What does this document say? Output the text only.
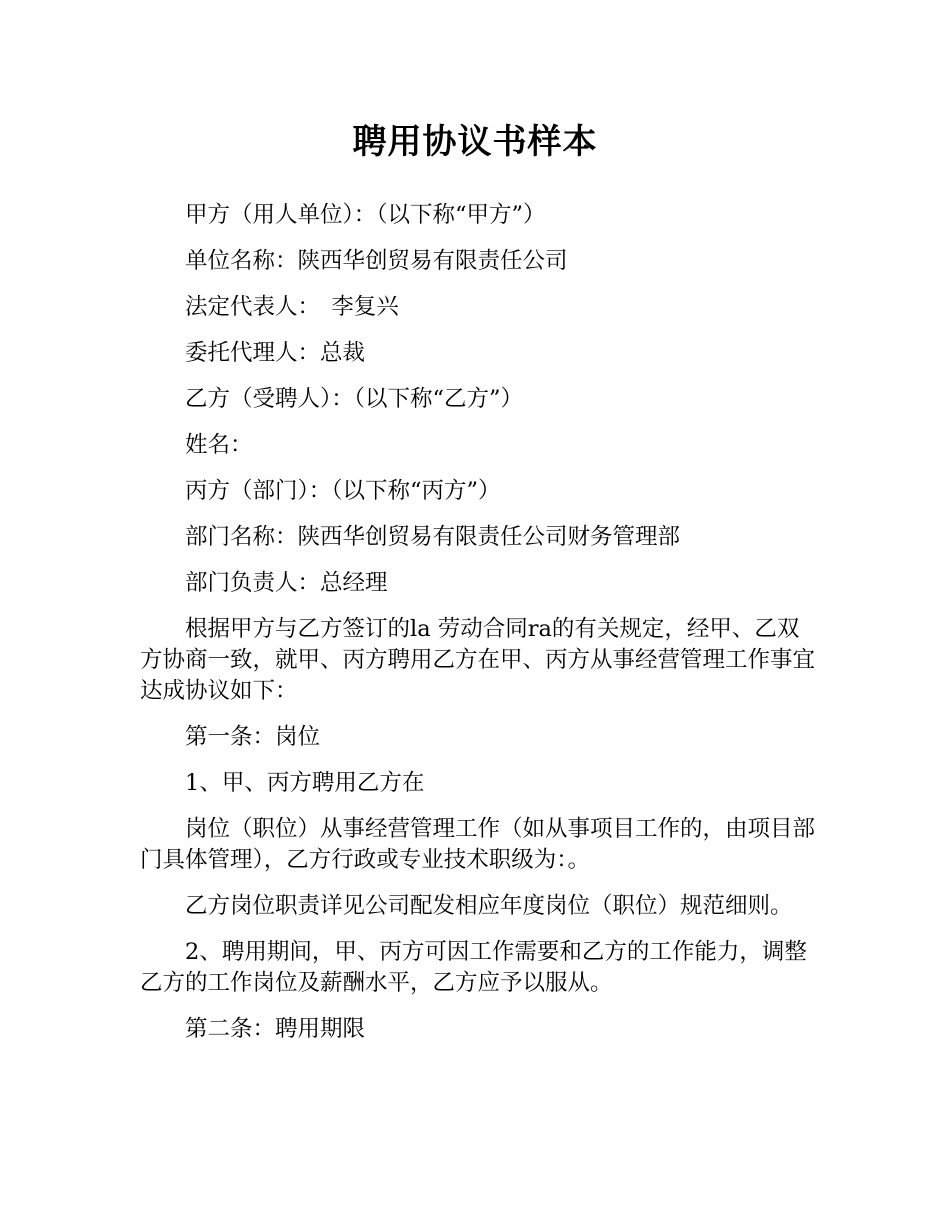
聘用协议书样本

甲方（用人单位）：（以下称“甲方”）

单位名称：陕西华创贸易有限责任公司

法定代表人：　李复兴

委托代理人：总裁

乙方（受聘人）：（以下称“乙方”）

姓名：

丙方（部门）：（以下称“丙方”）

部门名称：陕西华创贸易有限责任公司财务管理部

部门负责人：总经理

根据甲方与乙方签订的la 劳动合同ra的有关规定，经甲、乙双方协商一致，就甲、丙方聘用乙方在甲、丙方从事经营管理工作事宜达成协议如下：

第一条：岗位

1、甲、丙方聘用乙方在

岗位（职位）从事经营管理工作（如从事项目工作的，由项目部门具体管理），乙方行政或专业技术职级为：。

乙方岗位职责详见公司配发相应年度岗位（职位）规范细则。

2、聘用期间，甲、丙方可因工作需要和乙方的工作能力，调整乙方的工作岗位及薪酬水平，乙方应予以服从。

第二条：聘用期限
